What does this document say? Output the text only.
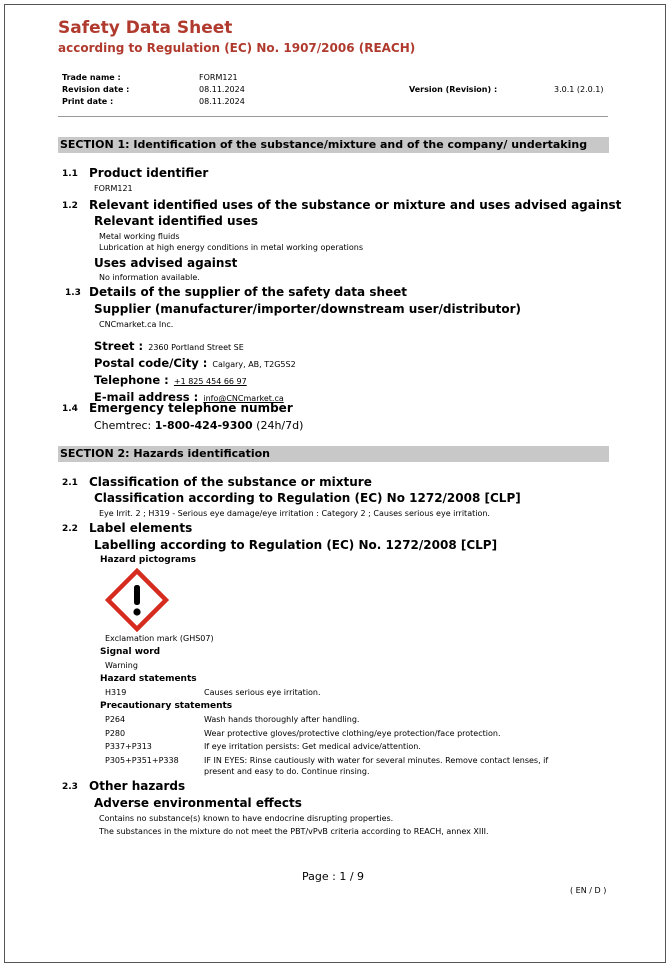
Safety Data Sheet
according to Regulation (EC) No. 1907/2006 (REACH)
Trade name :	FORM121
Revision date :	08.11.2024	Version (Revision) :	3.0.1 (2.0.1)
Print date :	08.11.2024
SECTION 1: Identification of the substance/mixture and of the company/ undertaking
1.1 Product identifier
FORM121
1.2 Relevant identified uses of the substance or mixture and uses advised against
Relevant identified uses
Metal working fluids
Lubrication at high energy conditions in metal working operations
Uses advised against
No information available.
1.3 Details of the supplier of the safety data sheet
Supplier (manufacturer/importer/downstream user/distributor)
CNCmarket.ca Inc.
Street : 2360 Portland Street SE
Postal code/City : Calgary, AB, T2G5S2
Telephone : +1 825 454 66 97
E-mail address : info@CNCmarket.ca
1.4 Emergency telephone number
Chemtrec: 1-800-424-9300 (24h/7d)
SECTION 2: Hazards identification
2.1 Classification of the substance or mixture
Classification according to Regulation (EC) No 1272/2008 [CLP]
Eye Irrit. 2 ; H319 - Serious eye damage/eye irritation : Category 2 ; Causes serious eye irritation.
2.2 Label elements
Labelling according to Regulation (EC) No. 1272/2008 [CLP]
Hazard pictograms
Exclamation mark (GHS07)
Signal word
Warning
Hazard statements
H319	Causes serious eye irritation.
Precautionary statements
P264	Wash hands thoroughly after handling.
P280	Wear protective gloves/protective clothing/eye protection/face protection.
P337+P313	If eye irritation persists: Get medical advice/attention.
P305+P351+P338	IF IN EYES: Rinse cautiously with water for several minutes. Remove contact lenses, if
present and easy to do. Continue rinsing.
2.3 Other hazards
Adverse environmental effects
Contains no substance(s) known to have endocrine disrupting properties.
The substances in the mixture do not meet the PBT/vPvB criteria according to REACH, annex XIII.
Page : 1 / 9
( EN / D )
